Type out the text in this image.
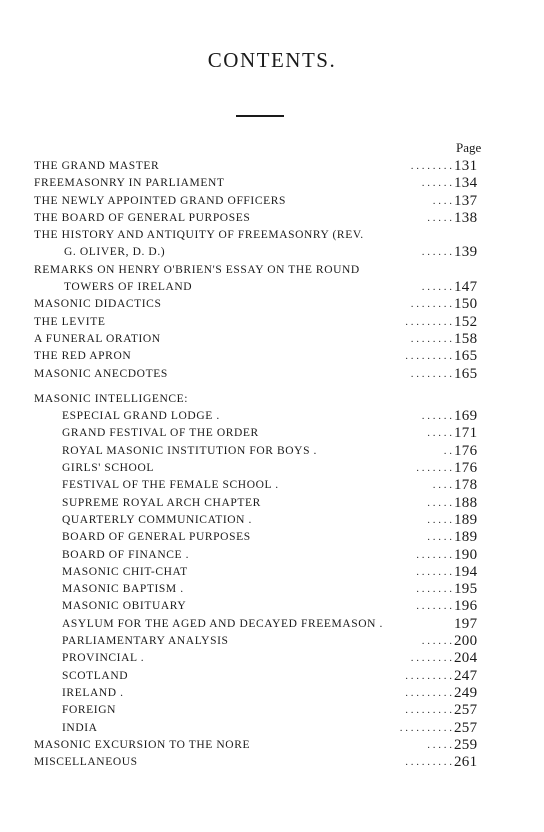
CONTENTS.
Page
THE GRAND MASTER	. . . . . . . . 131
FREEMASONRY IN PARLIAMENT	. . . . . . 134
THE NEWLY APPOINTED GRAND OFFICERS	. . . . 137
THE BOARD OF GENERAL PURPOSES	. . . . . 138
THE HISTORY AND ANTIQUITY OF FREEMASONRY (REV.
G. OLIVER, D. D.)	. . . . . . 139
REMARKS ON HENRY O'BRIEN'S ESSAY ON THE ROUND
TOWERS OF IRELAND	. . . . . . 147
MASONIC DIDACTICS	. . . . . . . . 150
THE LEVITE	. . . . . . . . . 152
A FUNERAL ORATION	. . . . . . . . 158
THE RED APRON	. . . . . . . . . 165
MASONIC ANECDOTES	. . . . . . . . 165
MASONIC INTELLIGENCE:
ESPECIAL GRAND LODGE .	. . . . . . 169
GRAND FESTIVAL OF THE ORDER	. . . . . 171
ROYAL MASONIC INSTITUTION FOR BOYS .	. . 176
GIRLS' SCHOOL	. . . . . . . 176
FESTIVAL OF THE FEMALE SCHOOL .	. . . . 178
SUPREME ROYAL ARCH CHAPTER	. . . . . 188
QUARTERLY COMMUNICATION .	. . . . . 189
BOARD OF GENERAL PURPOSES	. . . . . 189
BOARD OF FINANCE .	. . . . . . . 190
MASONIC CHIT-CHAT	. . . . . . . 194
MASONIC BAPTISM .	. . . . . . . 195
MASONIC OBITUARY	. . . . . . . 196
ASYLUM FOR THE AGED AND DECAYED FREEMASON .	197
PARLIAMENTARY ANALYSIS	. . . . . . 200
PROVINCIAL .	. . . . . . . . 204
SCOTLAND	. . . . . . . . . 247
IRELAND .	. . . . . . . . . 249
FOREIGN	. . . . . . . . . 257
INDIA	. . . . . . . . . . 257
MASONIC EXCURSION TO THE NORE	. . . . . 259
MISCELLANEOUS	. . . . . . . . . 261
